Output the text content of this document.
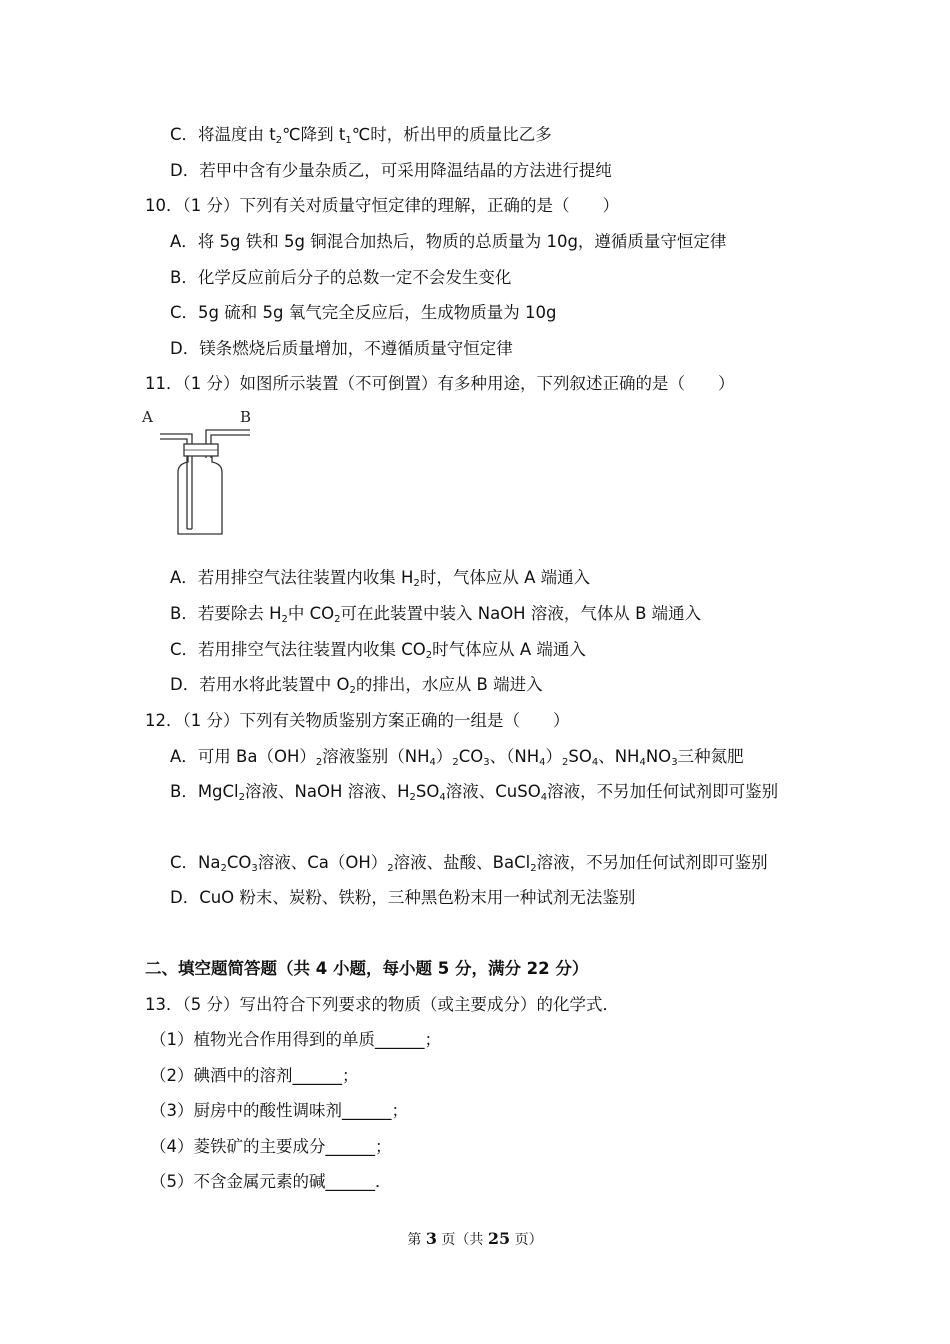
C．将温度由 $t_2℃$降到 $t_1℃$时，析出甲的质量比乙多
D．若甲中含有少量杂质乙，可采用降温结晶的方法进行提纯
10．（1 分）下列有关对质量守恒定律的理解，正确的是（　　）
A．将 5g 铁和 5g 铜混合加热后，物质的总质量为 10g，遵循质量守恒定律
B．化学反应前后分子的总数一定不会发生变化
C．5g 硫和 5g 氧气完全反应后，生成物质量为 10g
D．镁条燃烧后质量增加，不遵循质量守恒定律
11．（1 分）如图所示装置（不可倒置）有多种用途，下列叙述正确的是（　　）
A	B
A．若用排空气法往装置内收集 $H_2$时，气体应从 A 端通入
B．若要除去 $H_2$中 $CO_2$可在此装置中装入 NaOH 溶液，气体从 B 端通入
C．若用排空气法往装置内收集 $CO_2$时气体应从 A 端通入
D．若用水将此装置中 $O_2$的排出，水应从 B 端进入
12．（1 分）下列有关物质鉴别方案正确的一组是（　　）
A．可用 $Ba(OH)_2$溶液鉴别$(NH_4)_2CO_3$、$(NH_4)_2SO_4$、$NH_4NO_3$三种氮肥
B．MgCl$_2$溶液、NaOH 溶液、$H_2SO_4$溶液、CuSO$_4$溶液，不另加任何试剂即可鉴别
C．$Na_2CO_3$溶液、$Ca(OH)_2$溶液、盐酸、BaCl$_2$溶液，不另加任何试剂即可鉴别
D．CuO 粉末、炭粉、铁粉，三种黑色粉末用一种试剂无法鉴别
二、填空题简答题（共 4 小题，每小题 5 分，满分 22 分）
13．（5 分）写出符合下列要求的物质（或主要成分）的化学式．
（1）植物光合作用得到的单质______；
（2）碘酒中的溶剂______；
（3）厨房中的酸性调味剂______；
（4）菱铁矿的主要成分______；
（5）不含金属元素的碱______．
第 3 页（共 25 页）
